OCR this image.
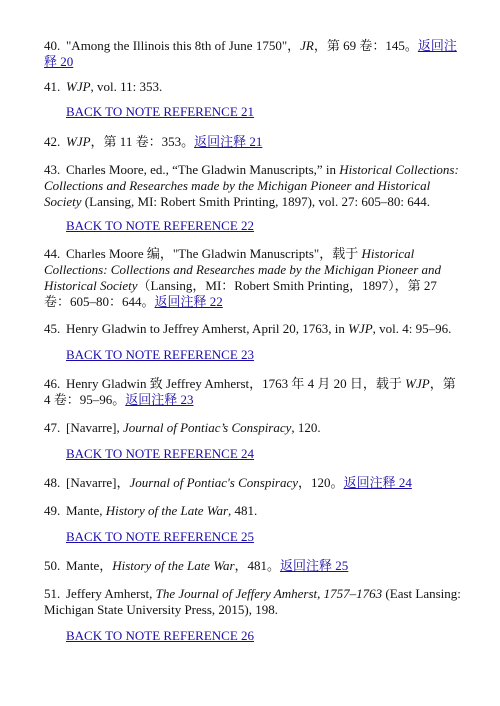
40. "Among the Illinois this 8th of June 1750"，JR，第 69 卷：145。返回注释 20

41. WJP, vol. 11: 353.

BACK TO NOTE REFERENCE 21

42. WJP，第 11 卷：353。返回注释 21

43. Charles Moore, ed., “The Gladwin Manuscripts,” in Historical Collections: Collections and Researches made by the Michigan Pioneer and Historical Society (Lansing, MI: Robert Smith Printing, 1897), vol. 27: 605–80: 644.

BACK TO NOTE REFERENCE 22

44. Charles Moore 编，"The Gladwin Manuscripts"，载于 Historical Collections: Collections and Researches made by the Michigan Pioneer and Historical Society（Lansing，MI：Robert Smith Printing，1897），第 27 卷：605–80：644。返回注释 22

45. Henry Gladwin to Jeffrey Amherst, April 20, 1763, in WJP, vol. 4: 95–96.

BACK TO NOTE REFERENCE 23

46. Henry Gladwin 致 Jeffrey Amherst，1763 年 4 月 20 日，载于 WJP，第 4 卷：95–96。返回注释 23

47. [Navarre], Journal of Pontiac’s Conspiracy, 120.

BACK TO NOTE REFERENCE 24

48. [Navarre]，Journal of Pontiac's Conspiracy，120。返回注释 24

49. Mante, History of the Late War, 481.

BACK TO NOTE REFERENCE 25

50. Mante，History of the Late War，481。返回注释 25

51. Jeffery Amherst, The Journal of Jeffery Amherst, 1757–1763 (East Lansing: Michigan State University Press, 2015), 198.

BACK TO NOTE REFERENCE 26
